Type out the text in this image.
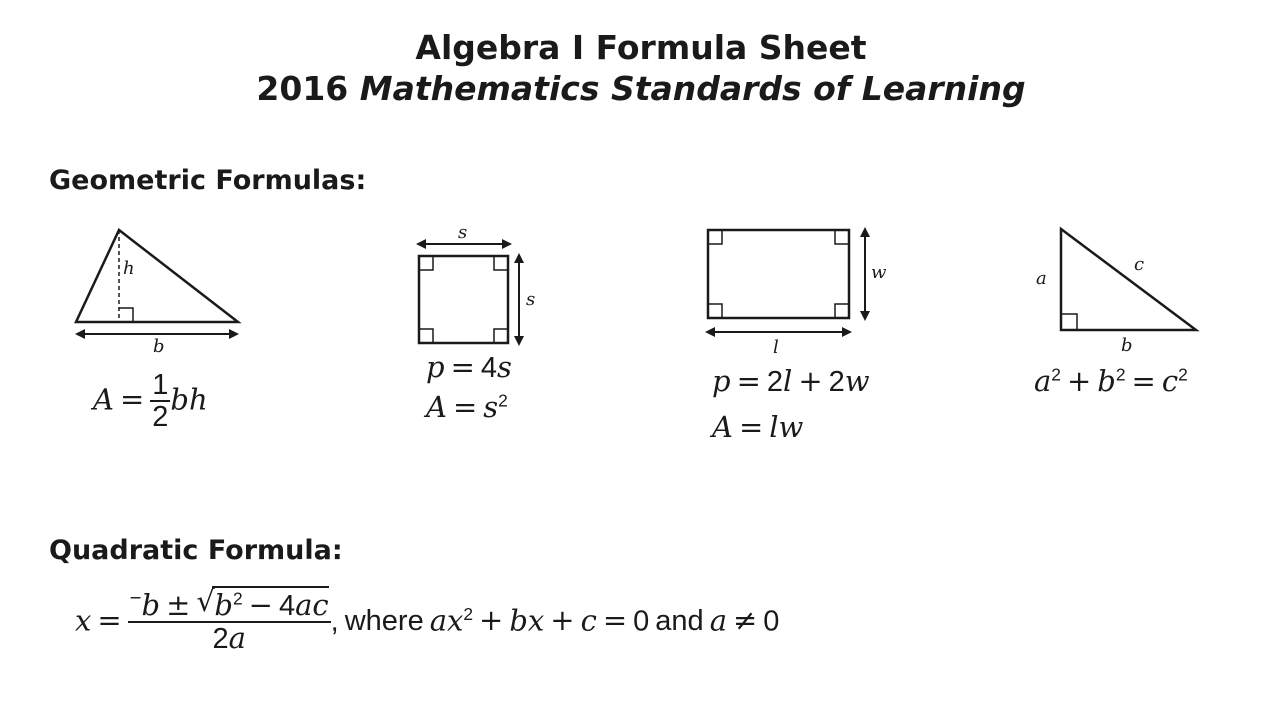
Algebra I Formula Sheet
2016 Mathematics Standards of Learning
Geometric Formulas:
h
b
$A = \frac{1}{2}$ bh
s
s
p = 4s
$A = s^2$
w
l
p = 2l + 2w
A = lw
a
c
b
$a^2 + b^2 = c^2$
Quadratic Formula:
$x = \frac{^-b \pm √ b^2 - 4ac}{2a}$ , where $ax^2$ + bx + c = 0 and a ≠ 0
